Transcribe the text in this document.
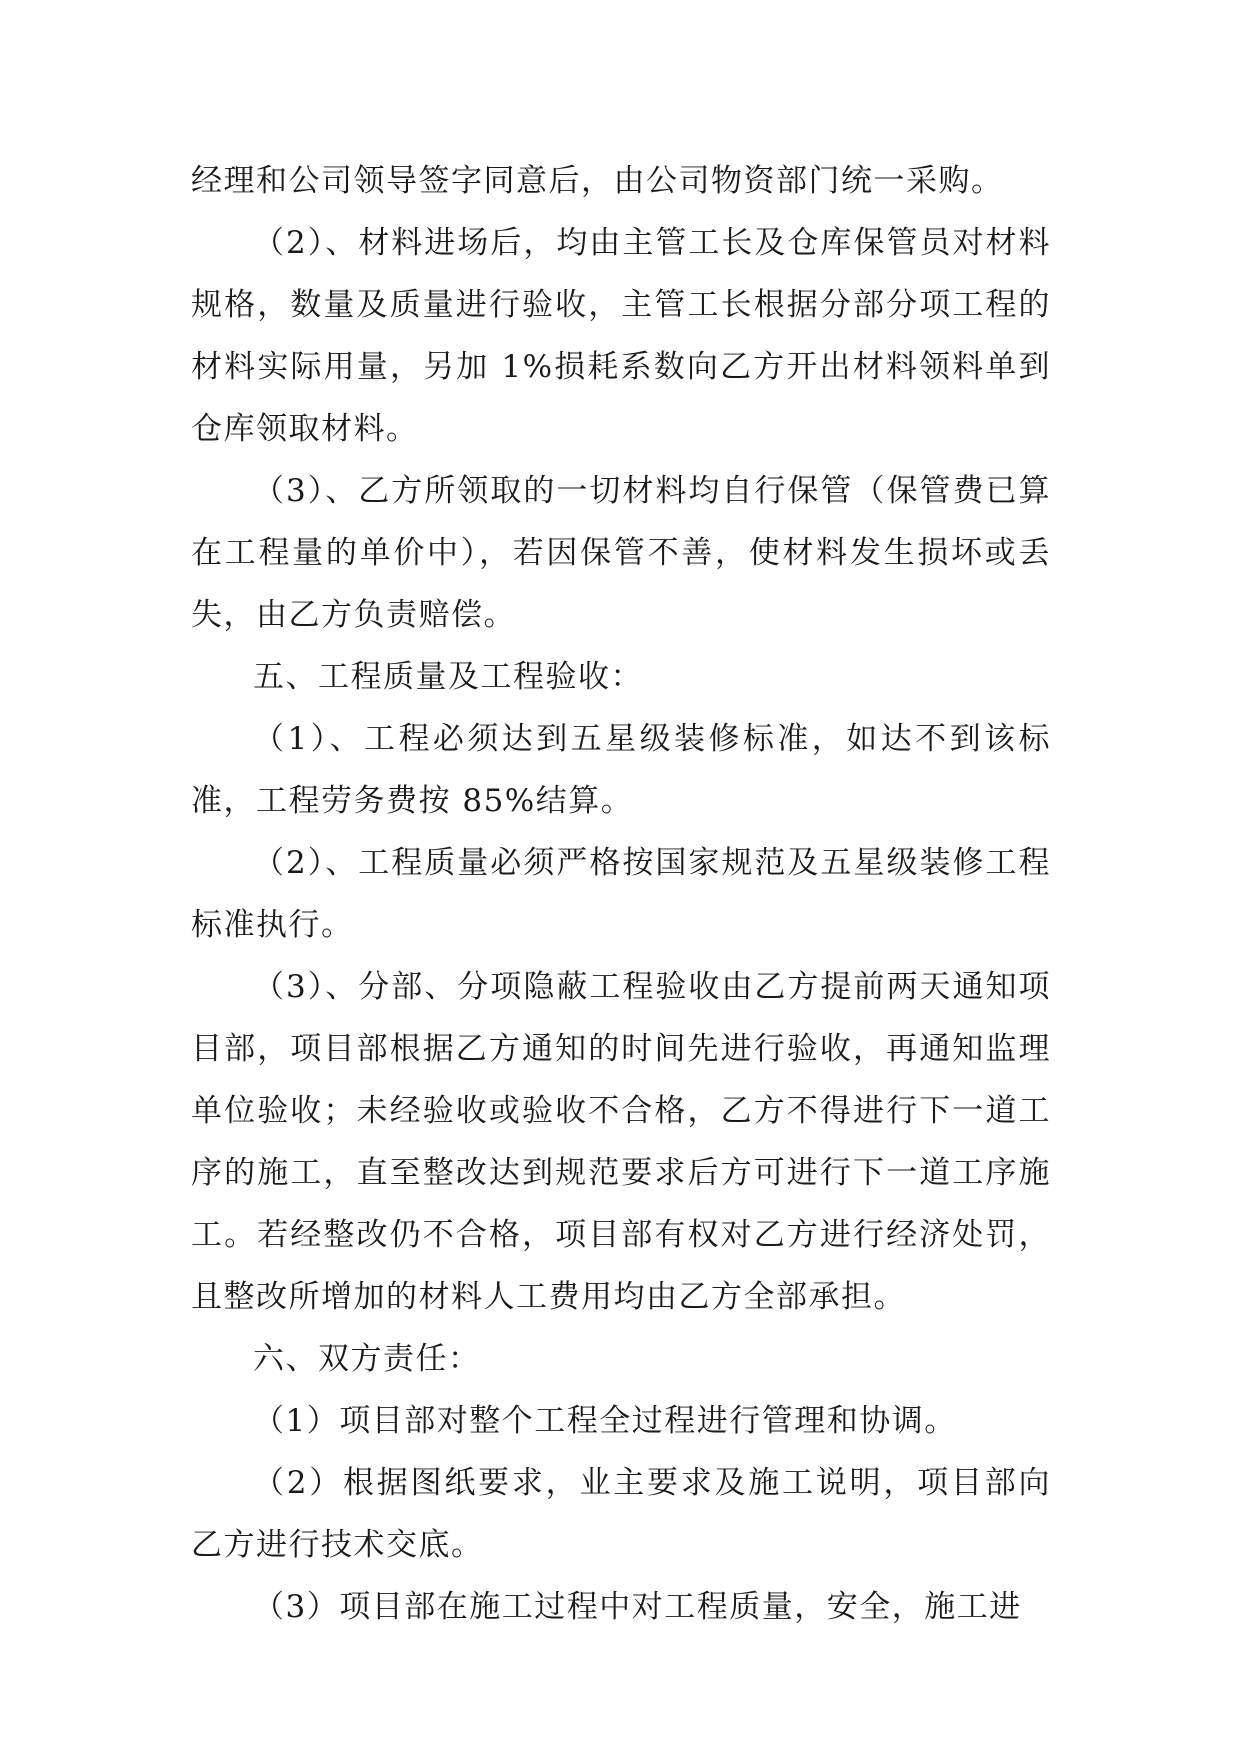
经理和公司领导签字同意后，由公司物资部门统一采购。

（2）、材料进场后，均由主管工长及仓库保管员对材料规格，数量及质量进行验收，主管工长根据分部分项工程的材料实际用量，另加 1%损耗系数向乙方开出材料领料单到仓库领取材料。

（3）、乙方所领取的一切材料均自行保管（保管费已算在工程量的单价中），若因保管不善，使材料发生损坏或丢失，由乙方负责赔偿。

五、工程质量及工程验收：

（1）、工程必须达到五星级装修标准，如达不到该标准，工程劳务费按 85%结算。

（2）、工程质量必须严格按国家规范及五星级装修工程标准执行。

（3）、分部、分项隐蔽工程验收由乙方提前两天通知项目部，项目部根据乙方通知的时间先进行验收，再通知监理单位验收；未经验收或验收不合格，乙方不得进行下一道工序的施工，直至整改达到规范要求后方可进行下一道工序施工。若经整改仍不合格，项目部有权对乙方进行经济处罚，且整改所增加的材料人工费用均由乙方全部承担。

六、双方责任：

（1）项目部对整个工程全过程进行管理和协调。

（2）根据图纸要求，业主要求及施工说明，项目部向乙方进行技术交底。

（3）项目部在施工过程中对工程质量，安全，施工进
